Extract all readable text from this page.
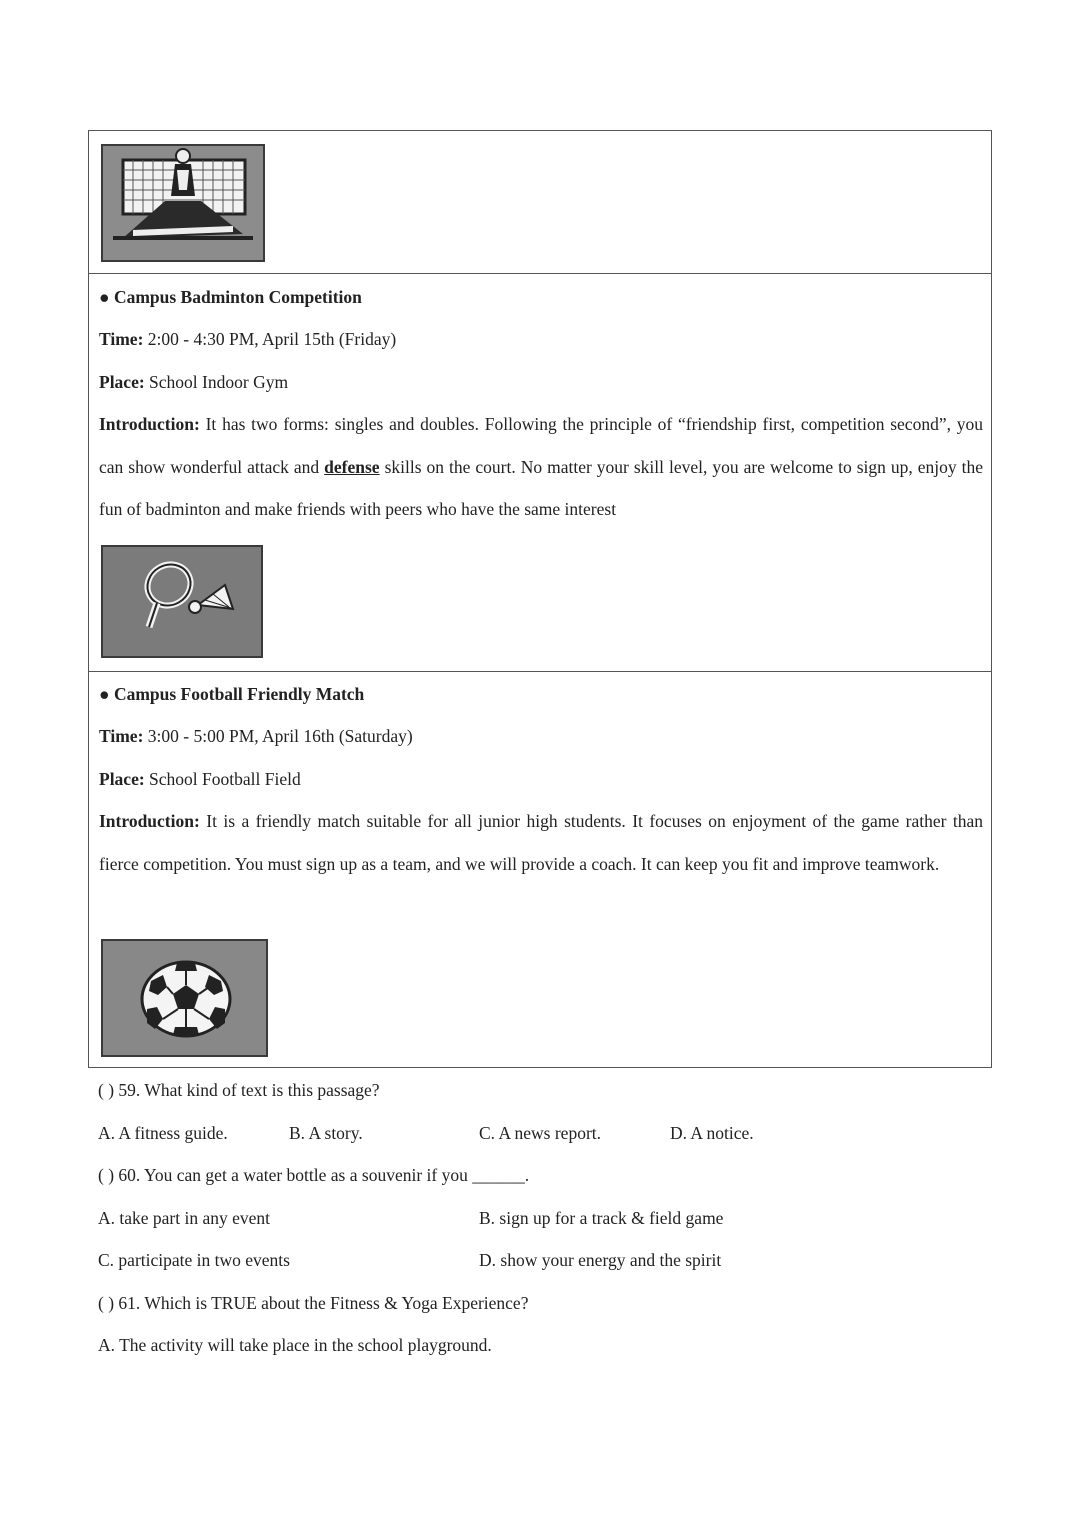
● Campus Badminton Competition
Time: 2:00 - 4:30 PM, April 15th (Friday)
Place: School Indoor Gym
Introduction: It has two forms: singles and doubles. Following the principle of “friendship first, competition second”, you can show wonderful attack and defense skills on the court. No matter your skill level, you are welcome to sign up, enjoy the fun of badminton and make friends with peers who have the same interest
● Campus Football Friendly Match
Time: 3:00 - 5:00 PM, April 16th (Saturday)
Place: School Football Field
Introduction: It is a friendly match suitable for all junior high students. It focuses on enjoyment of the game rather than fierce competition. You must sign up as a team, and we will provide a coach. It can keep you fit and improve teamwork.
( ) 59. What kind of text is this passage?
A. A fitness guide.	B. A story.	C. A news report.	D. A notice.
( ) 60. You can get a water bottle as a souvenir if you ______.
A. take part in any event	B. sign up for a track & field game
C. participate in two events	D. show your energy and the spirit
( ) 61. Which is TRUE about the Fitness & Yoga Experience?
A. The activity will take place in the school playground.
